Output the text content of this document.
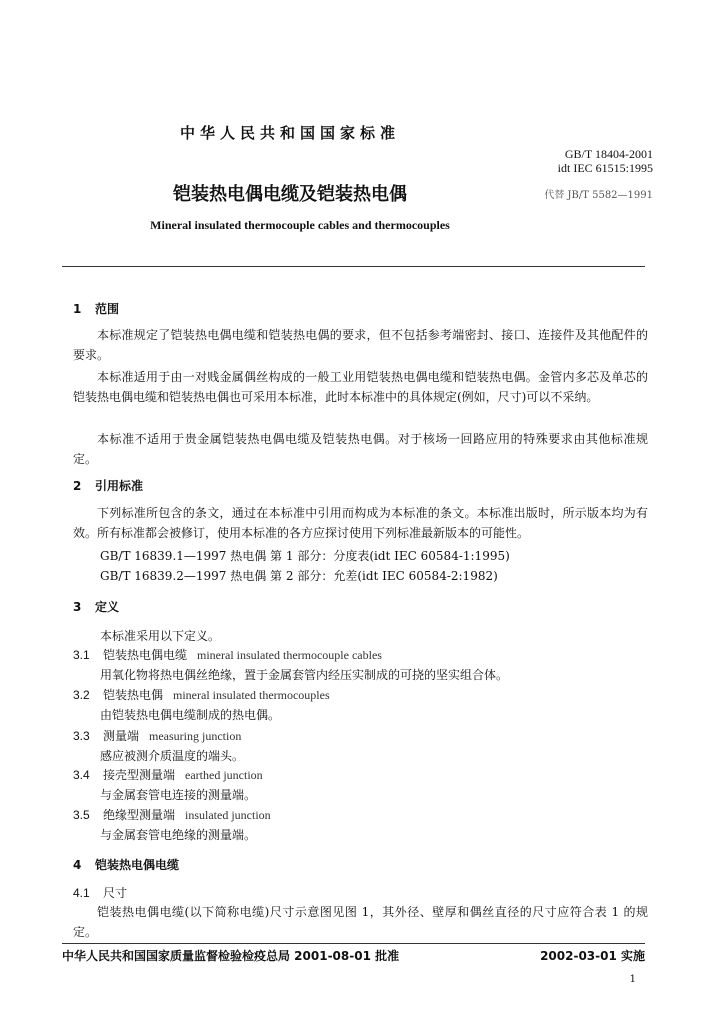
中华人民共和国国家标准
GB/T 18404-2001
idt IEC 61515:1995
铠装热电偶电缆及铠装热电偶	代替 JB/T 5582—1991
Mineral insulated thermocouple cables and thermocouples
1 范围
本标准规定了铠装热电偶电缆和铠装热电偶的要求，但不包括参考端密封、接口、连接件及其他配件的要求。
本标准适用于由一对贱金属偶丝构成的一般工业用铠装热电偶电缆和铠装热电偶。金管内多芯及单芯的铠装热电偶电缆和铠装热电偶也可采用本标准，此时本标准中的具体规定(例如，尺寸)可以不采纳。
本标准不适用于贵金属铠装热电偶电缆及铠装热电偶。对于核场一回路应用的特殊要求由其他标准规定。
2 引用标准
下列标准所包含的条文，通过在本标准中引用而构成为本标准的条文。本标准出版时，所示版本均为有效。所有标准都会被修订，使用本标准的各方应探讨使用下列标准最新版本的可能性。
GB/T 16839.1—1997 热电偶 第 1 部分：分度表(idt IEC 60584-1:1995)
GB/T 16839.2—1997 热电偶 第 2 部分：允差(idt IEC 60584-2:1982)
3 定义
本标准采用以下定义。
3.1 铠装热电偶电缆 mineral insulated thermocouple cables
用氧化物将热电偶丝绝缘，置于金属套管内经压实制成的可挠的坚实组合体。
3.2 铠装热电偶 mineral insulated thermocouples
由铠装热电偶电缆制成的热电偶。
3.3 测量端 measuring junction
感应被测介质温度的端头。
3.4 接壳型测量端 earthed junction
与金属套管电连接的测量端。
3.5 绝缘型测量端 insulated junction
与金属套管电绝缘的测量端。
4 铠装热电偶电缆
4.1 尺寸
铠装热电偶电缆(以下简称电缆)尺寸示意图见图 1，其外径、壁厚和偶丝直径的尺寸应符合表 1 的规定。
中华人民共和国国家质量监督检验检疫总局 2001-08-01 批准	2002-03-01 实施
1
